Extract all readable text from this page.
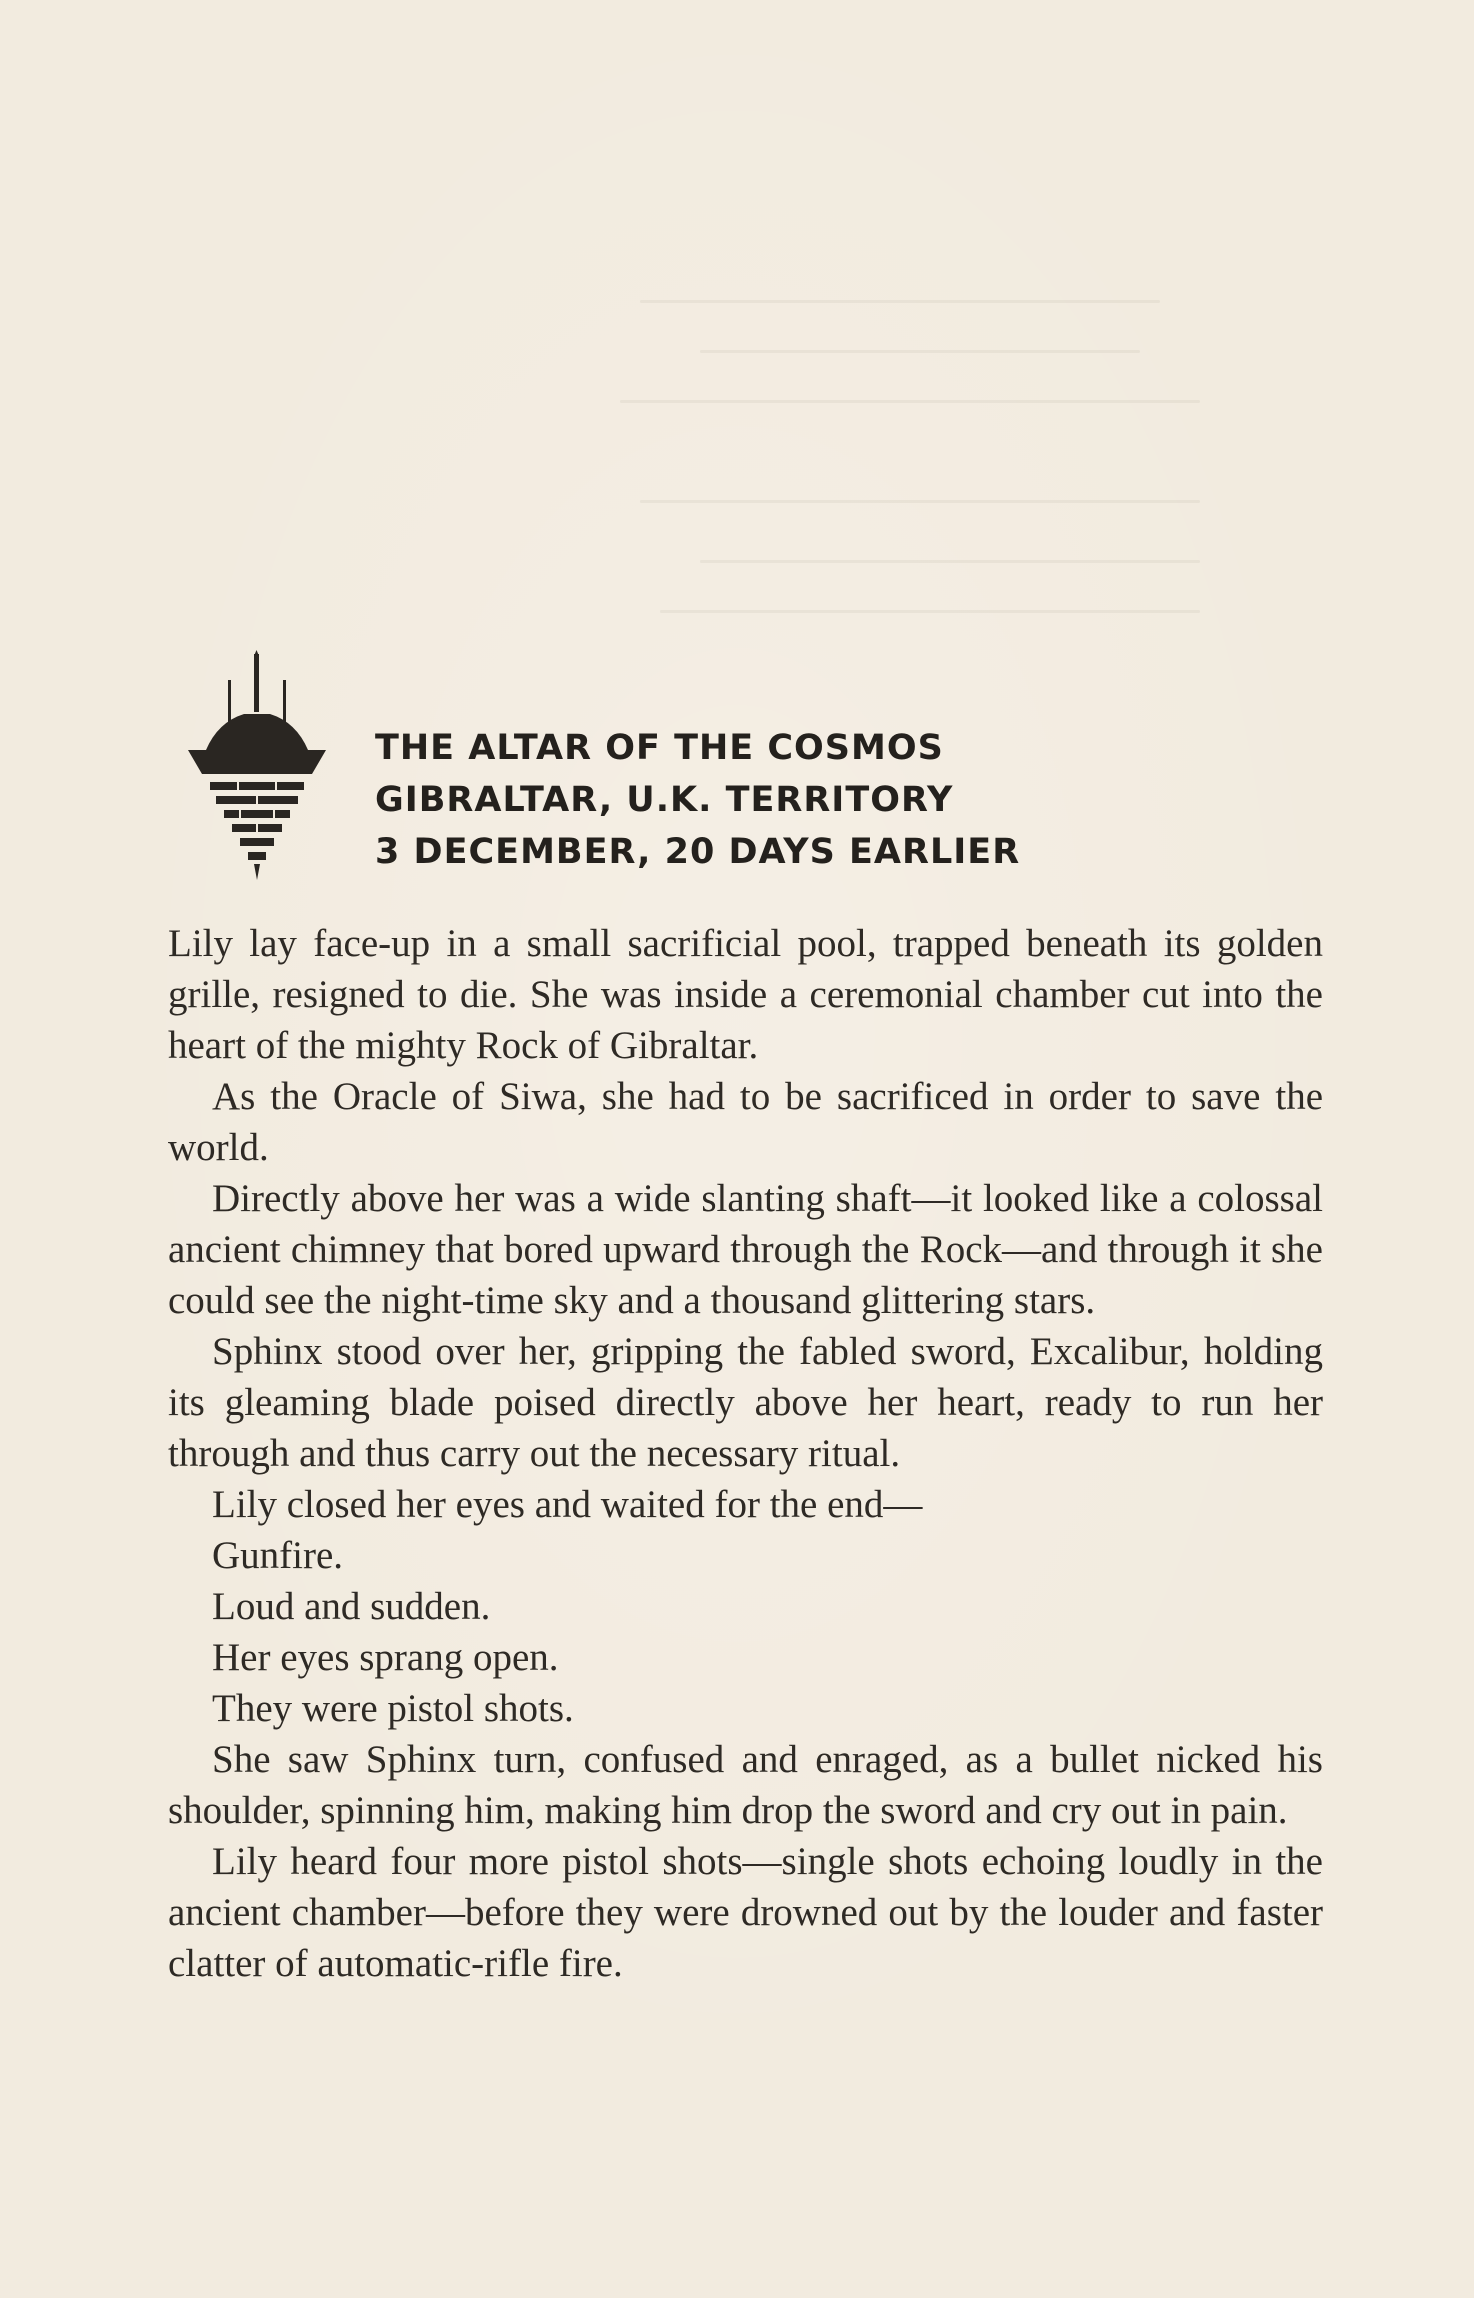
THE ALTAR OF THE COSMOS
GIBRALTAR, U.K. TERRITORY
3 DECEMBER, 20 DAYS EARLIER

Lily lay face-up in a small sacrificial pool, trapped beneath its golden grille, resigned to die. She was inside a ceremonial chamber cut into the heart of the mighty Rock of Gibraltar.

As the Oracle of Siwa, she had to be sacrificed in order to save the world.

Directly above her was a wide slanting shaft—it looked like a colossal ancient chimney that bored upward through the Rock—and through it she could see the night-time sky and a thousand glittering stars.

Sphinx stood over her, gripping the fabled sword, Excalibur, holding its gleaming blade poised directly above her heart, ready to run her through and thus carry out the necessary ritual.

Lily closed her eyes and waited for the end—

Gunfire.

Loud and sudden.

Her eyes sprang open.

They were pistol shots.

She saw Sphinx turn, confused and enraged, as a bullet nicked his shoulder, spinning him, making him drop the sword and cry out in pain.

Lily heard four more pistol shots—single shots echoing loudly in the ancient chamber—before they were drowned out by the louder and faster clatter of automatic-rifle fire.
